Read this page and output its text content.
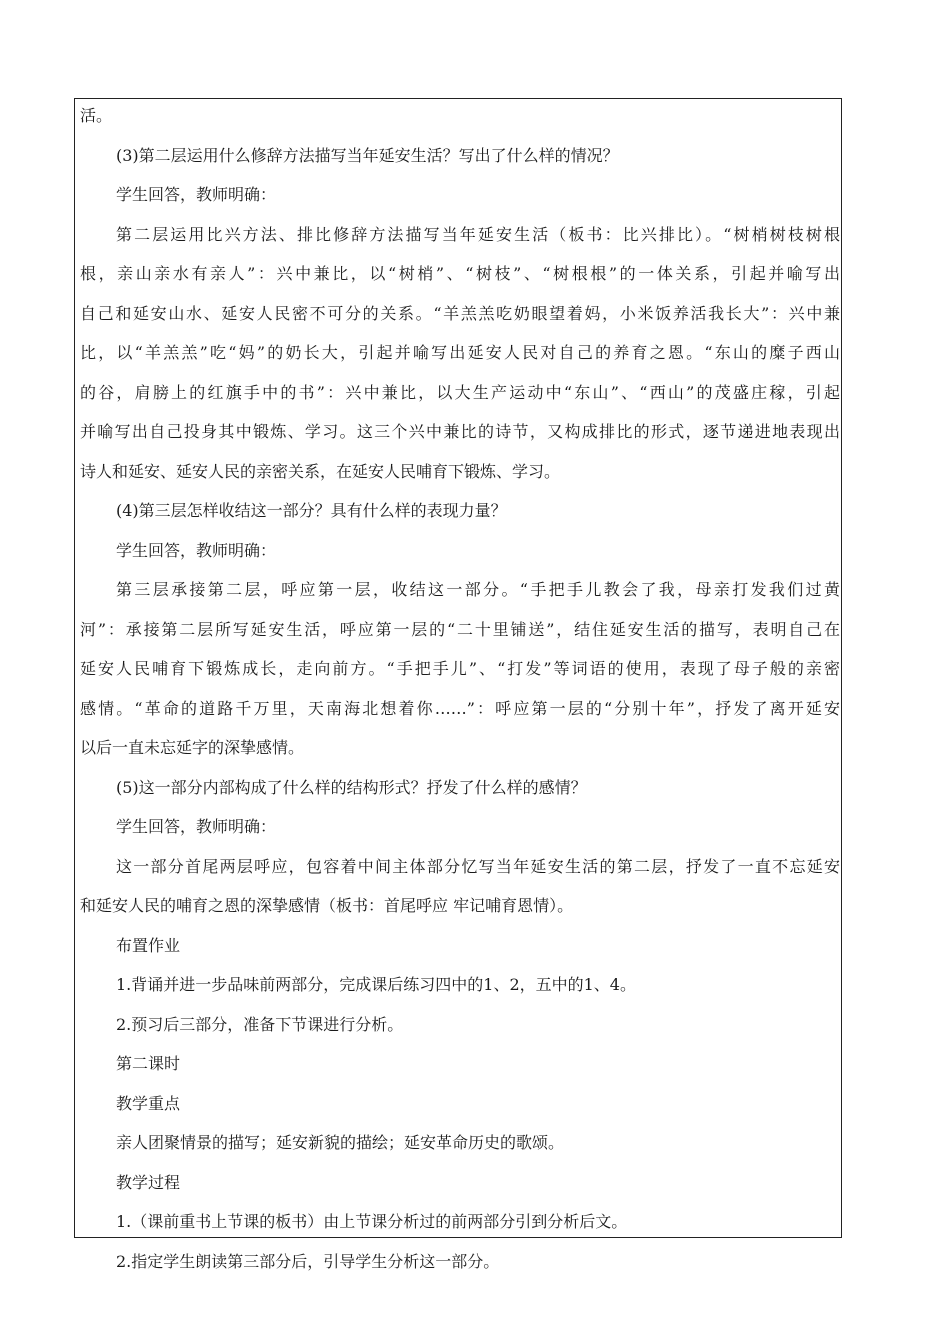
活。
(3)第二层运用什么修辞方法描写当年延安生活？写出了什么样的情况？
学生回答，教师明确：
第二层运用比兴方法、排比修辞方法描写当年延安生活（板书：比兴排比）。“树梢树枝树根
根，亲山亲水有亲人”：兴中兼比，以“树梢”、“树枝”、“树根根”的一体关系，引起并喻写出
自己和延安山水、延安人民密不可分的关系。“羊羔羔吃奶眼望着妈，小米饭养活我长大”：兴中兼
比，以“羊羔羔”吃“妈”的奶长大，引起并喻写出延安人民对自己的养育之恩。“东山的糜子西山
的谷，肩膀上的红旗手中的书”：兴中兼比，以大生产运动中“东山”、“西山”的茂盛庄稼，引起
并喻写出自己投身其中锻炼、学习。这三个兴中兼比的诗节，又构成排比的形式，逐节递进地表现出
诗人和延安、延安人民的亲密关系，在延安人民哺育下锻炼、学习。
(4)第三层怎样收结这一部分？具有什么样的表现力量？
学生回答，教师明确：
第三层承接第二层，呼应第一层，收结这一部分。“手把手儿教会了我，母亲打发我们过黄
河”：承接第二层所写延安生活，呼应第一层的“二十里铺送”，结住延安生活的描写，表明自己在
延安人民哺育下锻炼成长，走向前方。“手把手儿”、“打发”等词语的使用，表现了母子般的亲密
感情。“革命的道路千万里，天南海北想着你……”：呼应第一层的“分别十年”，抒发了离开延安
以后一直未忘延字的深挚感情。
(5)这一部分内部构成了什么样的结构形式？抒发了什么样的感情？
学生回答，教师明确：
这一部分首尾两层呼应，包容着中间主体部分忆写当年延安生活的第二层，抒发了一直不忘延安
和延安人民的哺育之恩的深挚感情（板书：首尾呼应 牢记哺育恩情）。
布置作业
1.背诵并进一步品味前两部分，完成课后练习四中的1、2，五中的1、4。
2.预习后三部分，准备下节课进行分析。
第二课时
教学重点
亲人团聚情景的描写；延安新貌的描绘；延安革命历史的歌颂。
教学过程
1.（课前重书上节课的板书）由上节课分析过的前两部分引到分析后文。
2.指定学生朗读第三部分后，引导学生分析这一部分。
